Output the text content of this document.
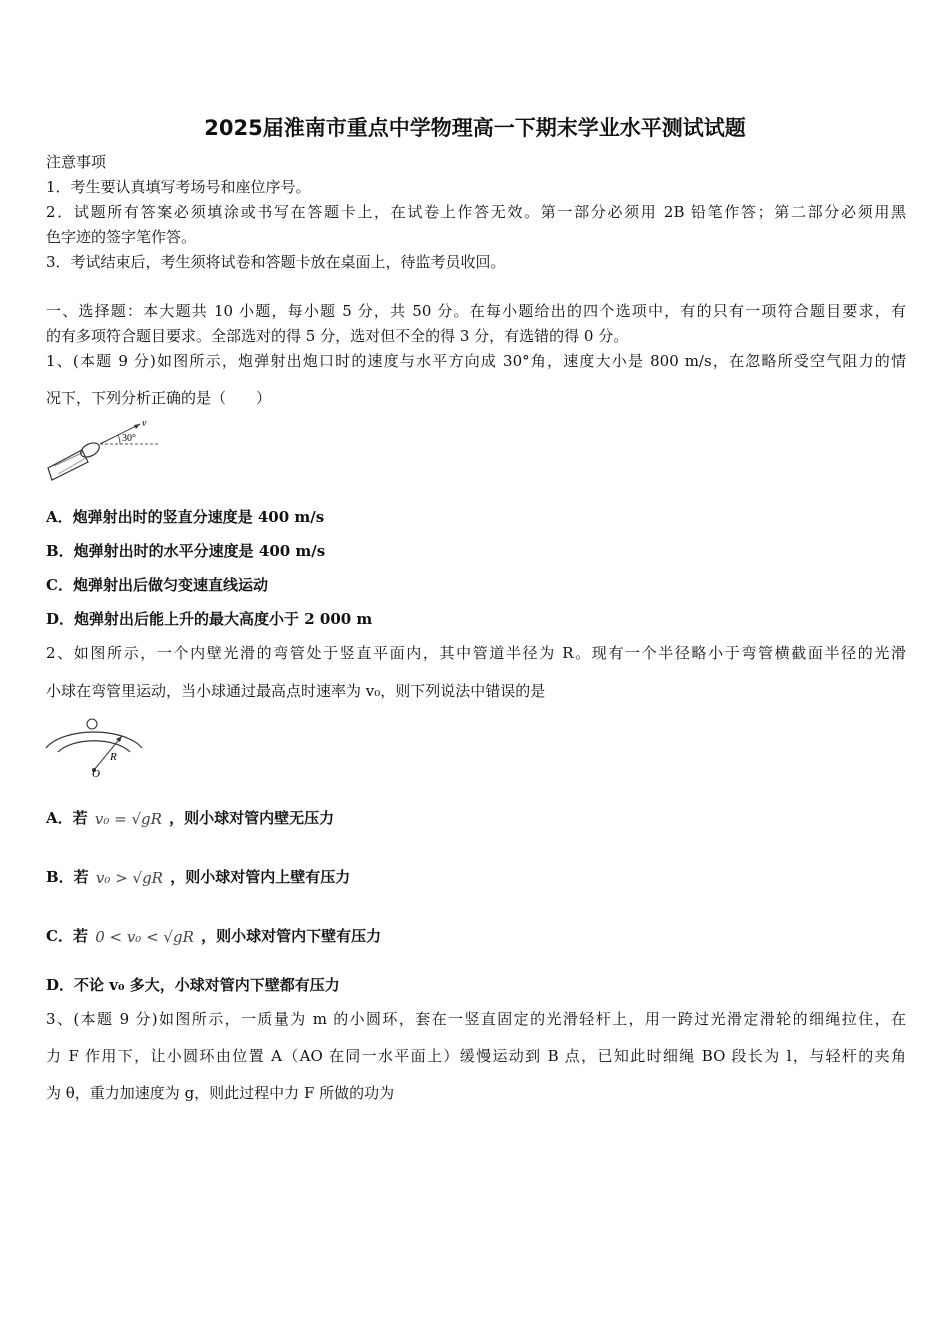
2025届淮南市重点中学物理高一下期末学业水平测试试题
注意事项
1．考生要认真填写考场号和座位序号。
2．试题所有答案必须填涂或书写在答题卡上，在试卷上作答无效。第一部分必须用 2B 铅笔作答；第二部分必须用黑
色字迹的签字笔作答。
3．考试结束后，考生须将试卷和答题卡放在桌面上，待监考员收回。
一、选择题：本大题共 10 小题，每小题 5 分，共 50 分。在每小题给出的四个选项中，有的只有一项符合题目要求，有
的有多项符合题目要求。全部选对的得 5 分，选对但不全的得 3 分，有选错的得 0 分。
1、(本题 9 分)如图所示，炮弹射出炮口时的速度与水平方向成 30°角，速度大小是 800 m/s，在忽略所受空气阻力的情
况下，下列分析正确的是（　　）
v
30°
A．炮弹射出时的竖直分速度是 400 m/s
B．炮弹射出时的水平分速度是 400 m/s
C．炮弹射出后做匀变速直线运动
D．炮弹射出后能上升的最大高度小于 2 000 m
2、如图所示，一个内壁光滑的弯管处于竖直平面内，其中管道半径为 R。现有一个半径略小于弯管横截面半径的光滑
小球在弯管里运动，当小球通过最高点时速率为 v₀，则下列说法中错误的是
R
O
A．若 v₀ = √gR ，则小球对管内壁无压力
B．若 v₀ > √gR ，则小球对管内上壁有压力
C．若 0 < v₀ < √gR ，则小球对管内下壁有压力
D．不论 v₀ 多大，小球对管内下壁都有压力
3、(本题 9 分)如图所示，一质量为 m 的小圆环，套在一竖直固定的光滑轻杆上，用一跨过光滑定滑轮的细绳拉住，在
力 F 作用下，让小圆环由位置 A（AO 在同一水平面上）缓慢运动到 B 点，已知此时细绳 BO 段长为 l，与轻杆的夹角
为 θ，重力加速度为 g，则此过程中力 F 所做的功为
